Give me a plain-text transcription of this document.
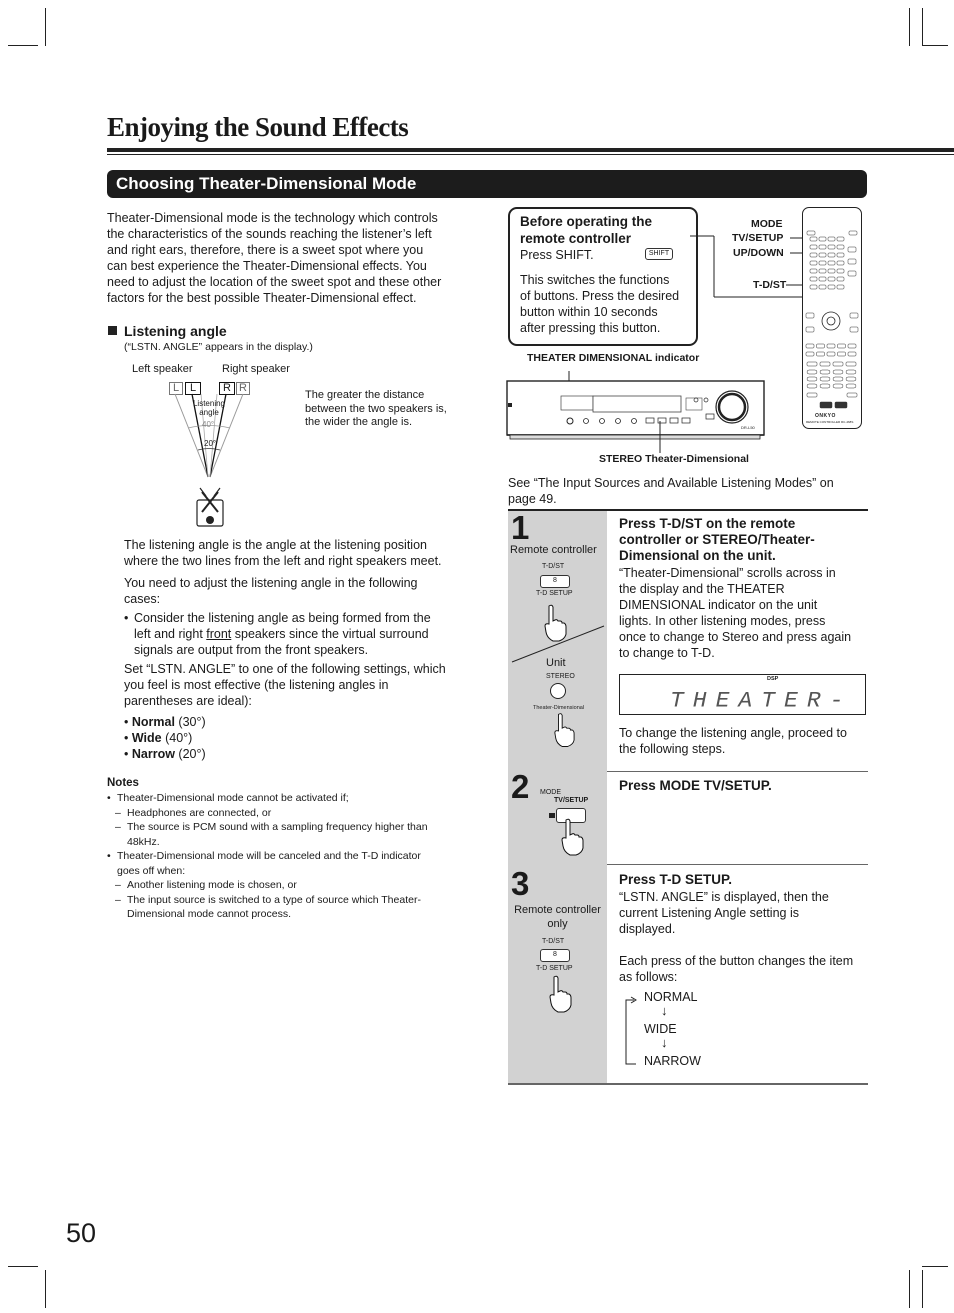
Enjoying the Sound Effects
Choosing Theater-Dimensional Mode
Theater-Dimensional mode is the technology which controls
the characteristics of the sounds reaching the listener’s left
and right ears, therefore, there is a sweet spot where you
can best experience the Theater-Dimensional effects. You
need to adjust the location of the sweet spot and these other
factors for the best possible Theater-Dimensional effect.
Listening angle
(“LSTN. ANGLE” appears in the display.)
Left speaker	Right speaker
L L	R R
Listening angle
40°
20°
The greater the distance
between the two speakers is,
the wider the angle is.
The listening angle is the angle at the listening position
where the two lines from the left and right speakers meet.
You need to adjust the listening angle in the following
cases:
• Consider the listening angle as being formed from the
left and right front speakers since the virtual surround
signals are output from the front speakers.
Set “LSTN. ANGLE” to one of the following settings, which
you feel is most effective (the listening angles in
parentheses are ideal):
• Normal (30°)
• Wide (40°)
• Narrow (20°)
Notes
• Theater-Dimensional mode cannot be activated if;
– Headphones are connected, or
– The source is PCM sound with a sampling frequency higher than
48kHz.
• Theater-Dimensional mode will be canceled and the T-D indicator
goes off when:
– Another listening mode is chosen, or
– The input source is switched to a type of source which Theater-
Dimensional mode cannot process.
Before operating the
remote controller
Press SHIFT.	SHIFT
This switches the functions
of buttons. Press the desired
button within 10 seconds
after pressing this button.
MODE
TV/SETUP
UP/DOWN
T-D/ST
ONKYO
REMOTE CONTROLLER RC-468S
THEATER DIMENSIONAL indicator
DR-L50
STEREO Theater-Dimensional
See “The Input Sources and Available Listening Modes” on
page 49.
1
Remote controller
T-D/ST
8
T-D SETUP
Unit
STEREO
Theater-Dimensional
Press T-D/ST on the remote
controller or STEREO/Theater-
Dimensional on the unit.
“Theater-Dimensional” scrolls across in
the display and the THEATER
DIMENSIONAL indicator on the unit
lights. In other listening modes, press
once to change to Stereo and press again
to change to T-D.
DSP
THEATER-
To change the listening angle, proceed to
the following steps.
2 MODE
TV/SETUP
Press MODE TV/SETUP.
3
Remote controller
only
T-D/ST
8
T-D SETUP
Press T-D SETUP.
“LSTN. ANGLE” is displayed, then the
current Listening Angle setting is
displayed.
Each press of the button changes the item
as follows:
NORMAL
↓
WIDE
↓
NARROW
50
